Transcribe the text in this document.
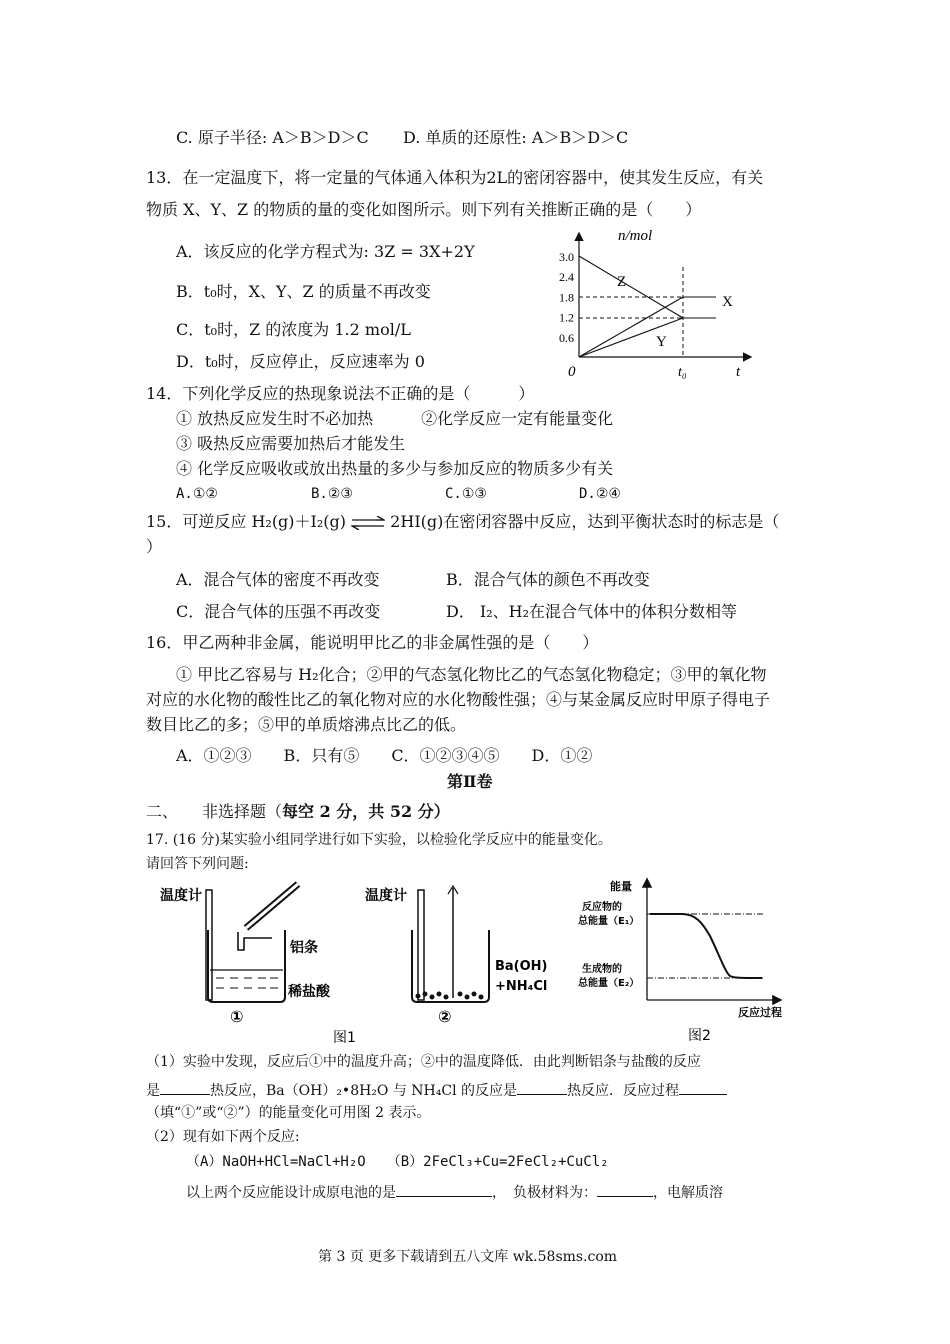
C. 原子半径: A＞B＞D＞C D. 单质的还原性: A＞B＞D＞C
13．在一定温度下，将一定量的气体通入体积为2L的密闭容器中，使其发生反应，有关
物质 X、Y、Z 的物质的量的变化如图所示。则下列有关推断正确的是（　　）
A．该反应的化学方程式为: 3Z = 3X+2Y
B．t₀时，X、Y、Z 的质量不再改变
C．t₀时，Z 的浓度为 1.2 mol/L
D．t₀时，反应停止，反应速率为 0
n/mol
t
0	t₀
3.0
2.4
1.8
1.2
0.6
Z
X
Y
14．下列化学反应的热现象说法不正确的是（　　　）
① 放热反应发生时不必加热　　　②化学反应一定有能量变化
③ 吸热反应需要加热后才能发生
④ 化学反应吸收或放出热量的多少与参加反应的物质多少有关
A.①②	B.②③	C.①③	D.②④
15．可逆反应 H₂(g)＋I₂(g) ⇌ 2HI(g)在密闭容器中反应，达到平衡状态时的标志是（
）
A．混合气体的密度不再改变	B．混合气体的颜色不再改变
C．混合气体的压强不再改变	D． I₂、H₂在混合气体中的体积分数相等
16．甲乙两种非金属，能说明甲比乙的非金属性强的是（　　）
① 甲比乙容易与 H₂化合；②甲的气态氢化物比乙的气态氢化物稳定；③甲的氧化物
对应的水化物的酸性比乙的氧化物对应的水化物酸性强；④与某金属反应时甲原子得电子
数目比乙的多；⑤甲的单质熔沸点比乙的低。
A．①②③　　B．只有⑤　　C．①②③④⑤　　D．①②
第Ⅱ卷
二、　　非选择题（每空 2 分，共 52 分）
17. (16 分)某实验小组同学进行如下实验，以检验化学反应中的能量变化。
请回答下列问题:
温度计
铝条
稀盐酸
①
温度计
Ba(OH)
+NH₄Cl
②
图1
能量
反应物的
总能量（E₁）
生成物的
总能量（E₂）
反应过程
图2
（1）实验中发现，反应后①中的温度升高；②中的温度降低．由此判断铝条与盐酸的反应
是	热反应，Ba（OH）₂•8H₂O 与 NH₄Cl 的反应是	热反应．反应过程
（填“①”或“②”）的能量变化可用图 2 表示。
（2）现有如下两个反应:
（A）NaOH+HCl=NaCl+H₂O　　（B）2FeCl₃+Cu=2FeCl₂+CuCl₂
以上两个反应能设计成原电池的是	，　负极材料为：	，电解质溶
第 3 页 更多下载请到五八文库 wk.58sms.com
